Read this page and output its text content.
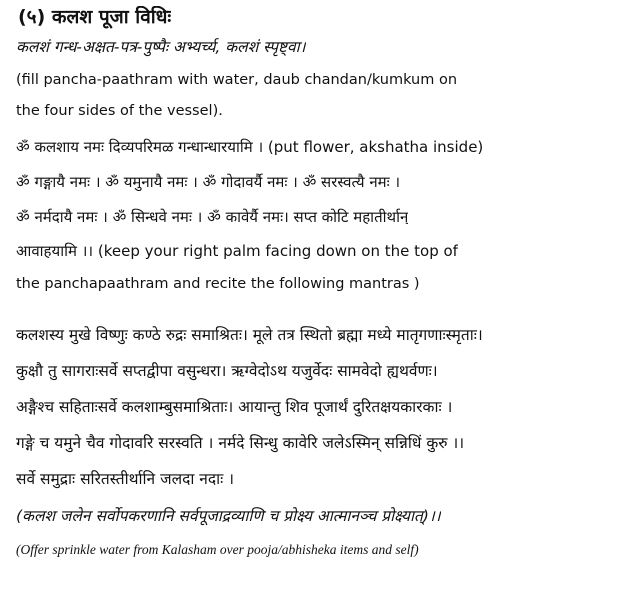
(५) कलश पूजा विधिः
कलशं गन्ध-अक्षत-पत्र-पुष्पैः अभ्यर्च्य, कलशं स्पृष्ट्वा।
(fill pancha-paathram with water, daub chandan/kumkum on
the four sides of the vessel).
ॐ कलशाय नमः दिव्यपरिमळ गन्धान्धारयामि । (put flower, akshatha inside)
ॐ गङ्गायै नमः । ॐ यमुनायै नमः । ॐ गोदावर्यै नमः । ॐ सरस्वत्यै नमः ।
ॐ नर्मदायै नमः । ॐ सिन्धवे नमः । ॐ कावेर्यै नमः। सप्त कोटि महातीर्थान्
आवाहयामि ।। (keep your right palm facing down on the top of
the panchapaathram and recite the following mantras )
कलशस्य मुखे विष्णुः कण्ठे रुद्रः समाश्रितः। मूले तत्र स्थितो ब्रह्मा मध्ये मातृगणाःस्मृताः।
कुक्षौ तु सागराःसर्वे सप्तद्वीपा वसुन्धरा। ऋग्वेदोऽथ यजुर्वेदः सामवेदो ह्यथर्वणः।
अङ्गैश्च सहिताःसर्वे कलशाम्बुसमाश्रिताः। आयान्तु शिव पूजार्थं दुरितक्षयकारकाः ।
गङ्गे च यमुने चैव गोदावरि सरस्वति । नर्मदे सिन्धु कावेरि जलेऽस्मिन् सन्निधिं कुरु ।।
सर्वे समुद्राः सरितस्तीर्थानि जलदा नदाः ।
(कलश जलेन सर्वोपकरणानि सर्वपूजाद्रव्याणि च प्रोक्ष्य आत्मानञ्च प्रोक्ष्यात्)।।
(Offer sprinkle water from Kalasham over pooja/abhisheka items and self)
